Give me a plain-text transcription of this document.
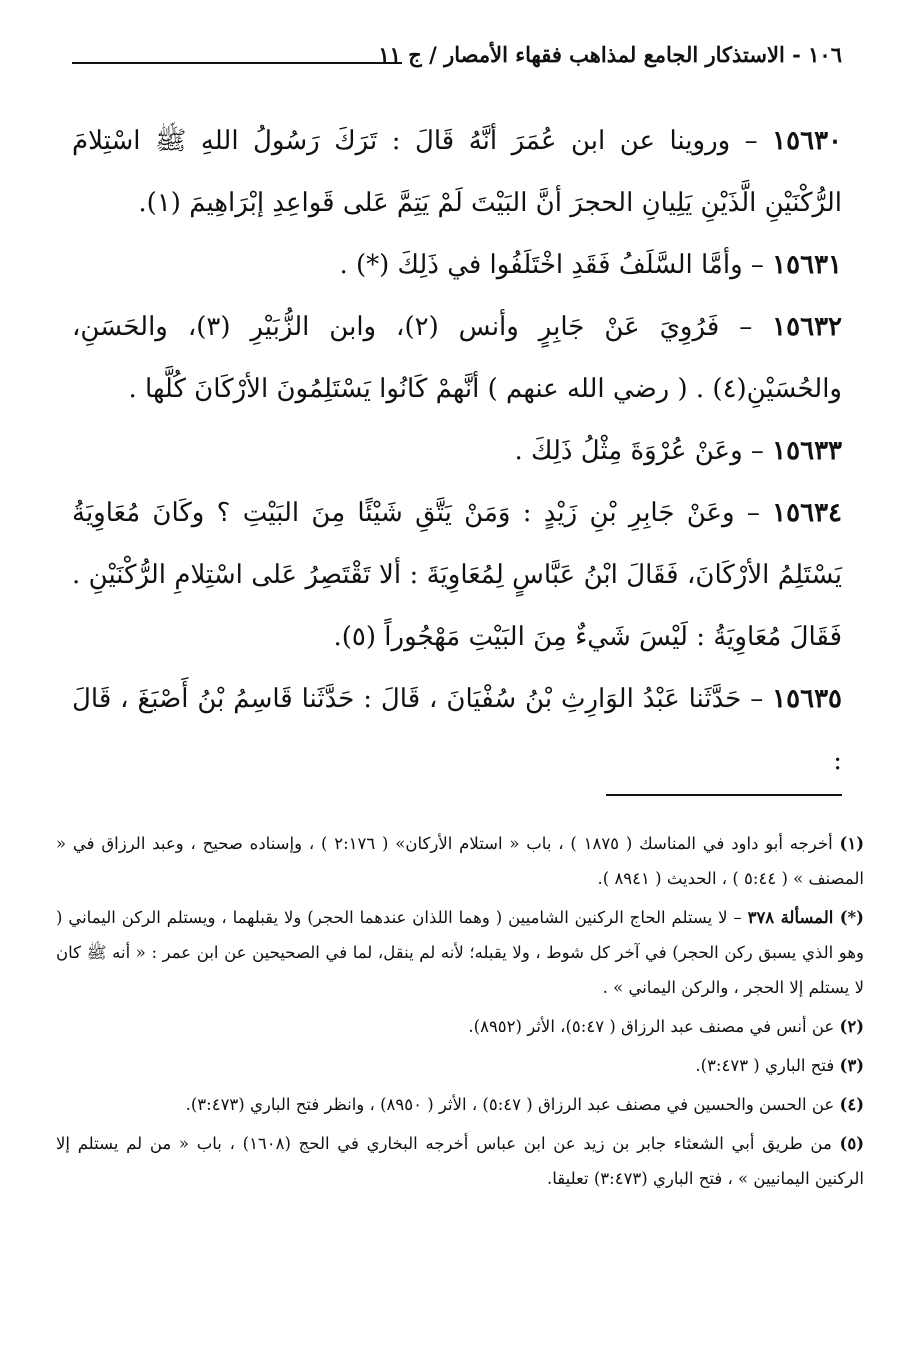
١٠٦ - الاستذكار الجامع لمذاهب فقهاء الأمصار / ج ١١

١٥٦٣٠ – وروينا عن ابن عُمَرَ أنَّهُ قَالَ : تَرَكَ رَسُولُ اللهِ ﷺ اسْتِلامَ الرُّكْنَيْنِ الَّذَيْنِ يَلِيانِ الحجرَ أنَّ البَيْتَ لَمْ يَتِمَّ عَلى قَواعِدِ إبْرَاهِيمَ (١).

١٥٦٣١ – وأمَّا السَّلَفُ فَقَدِ اخْتَلَفُوا في ذَلِكَ (*) .

١٥٦٣٢ – فَرُوِيَ عَنْ جَابِرٍ وأنس (٢)، وابن الزُّبَيْرِ (٣)، والحَسَنِ، والحُسَيْنِ(٤) . ( رضي الله عنهم ) أنَّهمْ كَانُوا يَسْتَلِمُونَ الأرْكَانَ كُلَّها .

١٥٦٣٣ – وعَنْ عُرْوَةَ مِثْلُ ذَلِكَ .

١٥٦٣٤ – وعَنْ جَابِرِ بْنِ زَيْدٍ : وَمَنْ يَتَّقِ شَيْئًا مِنَ البَيْتِ ؟ وكَانَ مُعَاوِيَةُ يَسْتَلِمُ الأرْكَانَ، فَقَالَ ابْنُ عَبَّاسٍ لِمُعَاوِيَةَ : ألا تَقْتَصِرُ عَلى اسْتِلامِ الرُّكْنَيْنِ . فَقَالَ مُعَاوِيَةُ : لَيْسَ شَيءٌ مِنَ البَيْتِ مَهْجُوراً (٥).

١٥٦٣٥ – حَدَّثَنا عَبْدُ الوَارِثِ بْنُ سُفْيَانَ ، قَالَ : حَدَّثَنا قَاسِمُ بْنُ أَصْبَغَ ، قَالَ :

(١) أخرجه أبو داود في المناسك ( ١٨٧٥ ) ، باب « استلام الأركان» ( ٢:١٧٦ ) ، وإسناده صحيح ، وعبد الرزاق في « المصنف » ( ٥:٤٤ ) ، الحديث ( ٨٩٤١ ).

(*) المسألة ٣٧٨ – لا يستلم الحاج الركنين الشاميين ( وهما اللذان عندهما الحجر) ولا يقبلهما ، ويستلم الركن اليماني ( وهو الذي يسبق ركن الحجر) في آخر كل شوط ، ولا يقبله؛ لأنه لم ينقل، لما في الصحيحين عن ابن عمر : « أنه ﷺ كان لا يستلم إلا الحجر ، والركن اليماني » .

(٢) عن أنس في مصنف عبد الرزاق ( ٥:٤٧)، الأثر (٨٩٥٢).

(٣) فتح الباري ( ٣:٤٧٣).

(٤) عن الحسن والحسين في مصنف عبد الرزاق ( ٥:٤٧) ، الأثر ( ٨٩٥٠) ، وانظر فتح الباري (٣:٤٧٣).

(٥) من طريق أبي الشعثاء جابر بن زيد عن ابن عباس أخرجه البخاري في الحج (١٦٠٨) ، باب « من لم يستلم إلا الركنين اليمانيين » ، فتح الباري (٣:٤٧٣) تعليقا.
